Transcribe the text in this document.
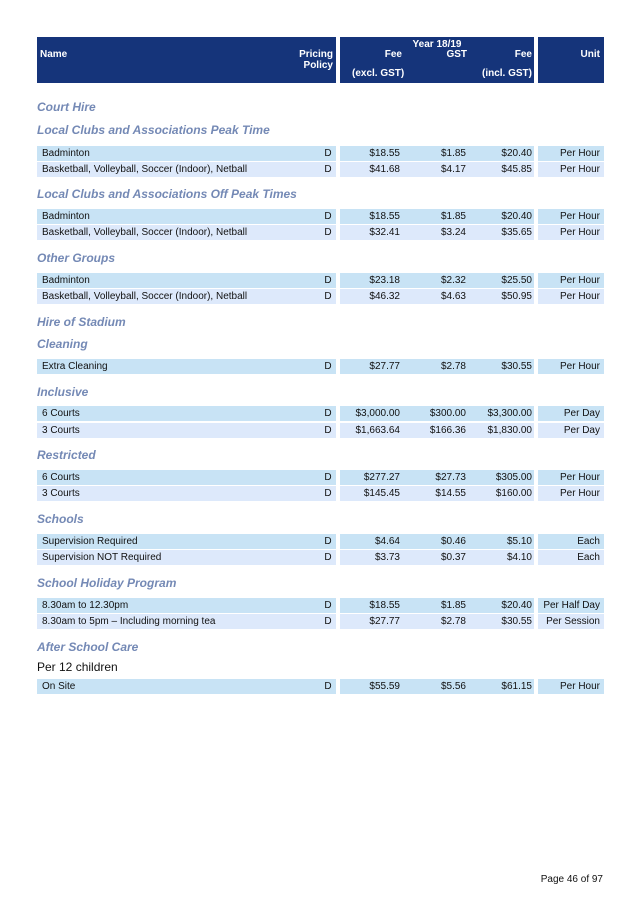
Name	Pricing
Policy
Year 18/19
Fee	GST	Fee
(excl. GST)	(incl. GST)
Unit
Court Hire
Local Clubs and Associations Peak Time
Badminton	D	$18.55	$1.85	$20.40	Per Hour
Basketball, Volleyball, Soccer (Indoor), Netball	D	$41.68	$4.17	$45.85	Per Hour
Local Clubs and Associations Off Peak Times
Badminton	D	$18.55	$1.85	$20.40	Per Hour
Basketball, Volleyball, Soccer (Indoor), Netball	D	$32.41	$3.24	$35.65	Per Hour
Other Groups
Badminton	D	$23.18	$2.32	$25.50	Per Hour
Basketball, Volleyball, Soccer (Indoor), Netball	D	$46.32	$4.63	$50.95	Per Hour
Hire of Stadium
Cleaning
Extra Cleaning	D	$27.77	$2.78	$30.55	Per Hour
Inclusive
6 Courts	D	$3,000.00	$300.00	$3,300.00	Per Day
3 Courts	D	$1,663.64	$166.36	$1,830.00	Per Day
Restricted
6 Courts	D	$277.27	$27.73	$305.00	Per Hour
3 Courts	D	$145.45	$14.55	$160.00	Per Hour
Schools
Supervision Required	D	$4.64	$0.46	$5.10	Each
Supervision NOT Required	D	$3.73	$0.37	$4.10	Each
School Holiday Program
8.30am to 12.30pm	D	$18.55	$1.85	$20.40	Per Half Day
8.30am to 5pm – Including morning tea	D	$27.77	$2.78	$30.55	Per Session
After School Care
Per 12 children
On Site	D	$55.59	$5.56	$61.15	Per Hour
Page 46 of 97
